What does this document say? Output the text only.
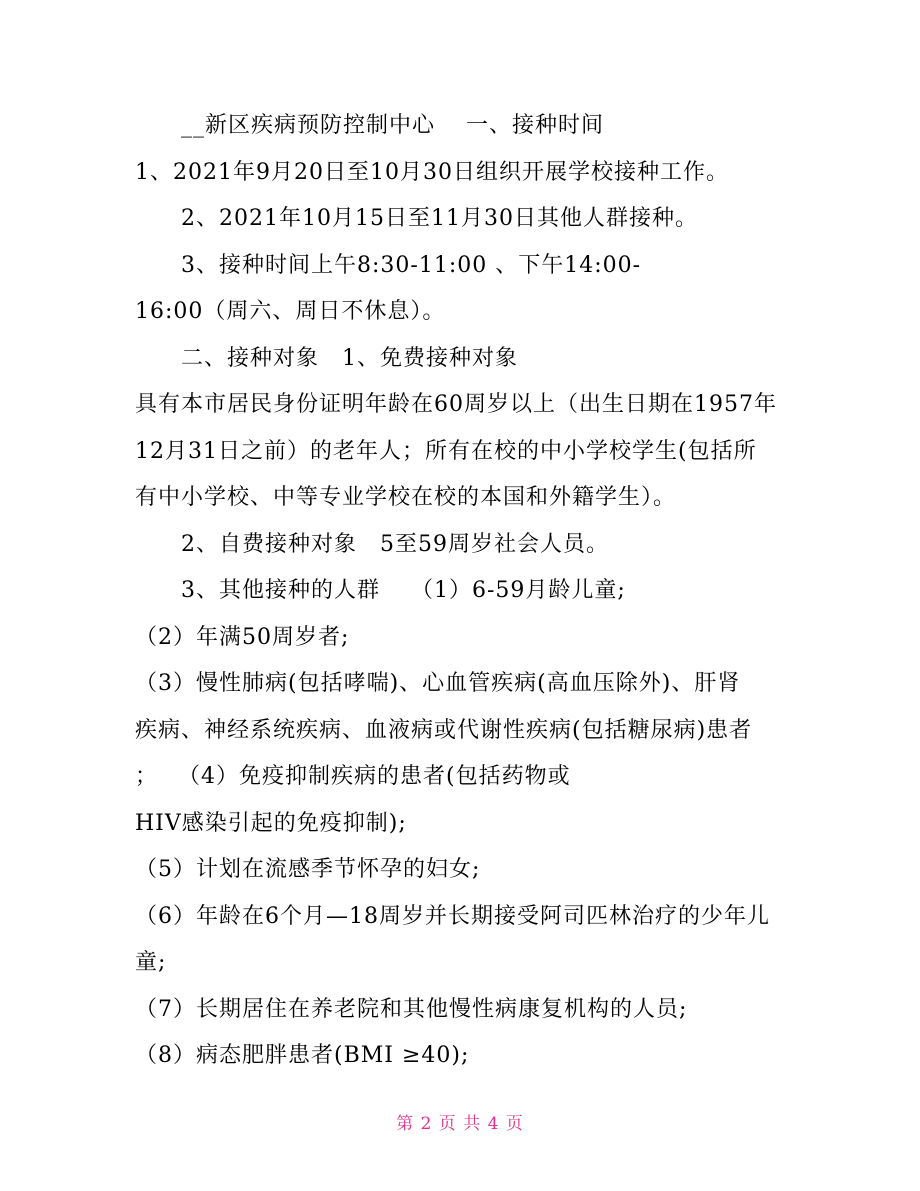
__新区疾病预防控制中心　 一、接种时间
1、2021年9月20日至10月30日组织开展学校接种工作。
2、2021年10月15日至11月30日其他人群接种。
3、接种时间上午8:30-11:00 、下午14:00-
16:00（周六、周日不休息）。
二、接种对象　1、免费接种对象
具有本市居民身份证明年龄在60周岁以上（出生日期在1957年
12月31日之前）的老年人；所有在校的中小学校学生(包括所
有中小学校、中等专业学校在校的本国和外籍学生）。
2、自费接种对象　5至59周岁社会人员。
3、其他接种的人群　 （1）6-59月龄儿童;
（2）年满50周岁者;
（3）慢性肺病(包括哮喘)、心血管疾病(高血压除外)、肝肾
疾病、神经系统疾病、血液病或代谢性疾病(包括糖尿病)患者
；　 （4）免疫抑制疾病的患者(包括药物或
HIV感染引起的免疫抑制);
（5）计划在流感季节怀孕的妇女;
（6）年龄在6个月—18周岁并长期接受阿司匹林治疗的少年儿
童;
（7）长期居住在养老院和其他慢性病康复机构的人员;
（8）病态肥胖患者(BMI ≥40);
第 2 页 共 4 页
